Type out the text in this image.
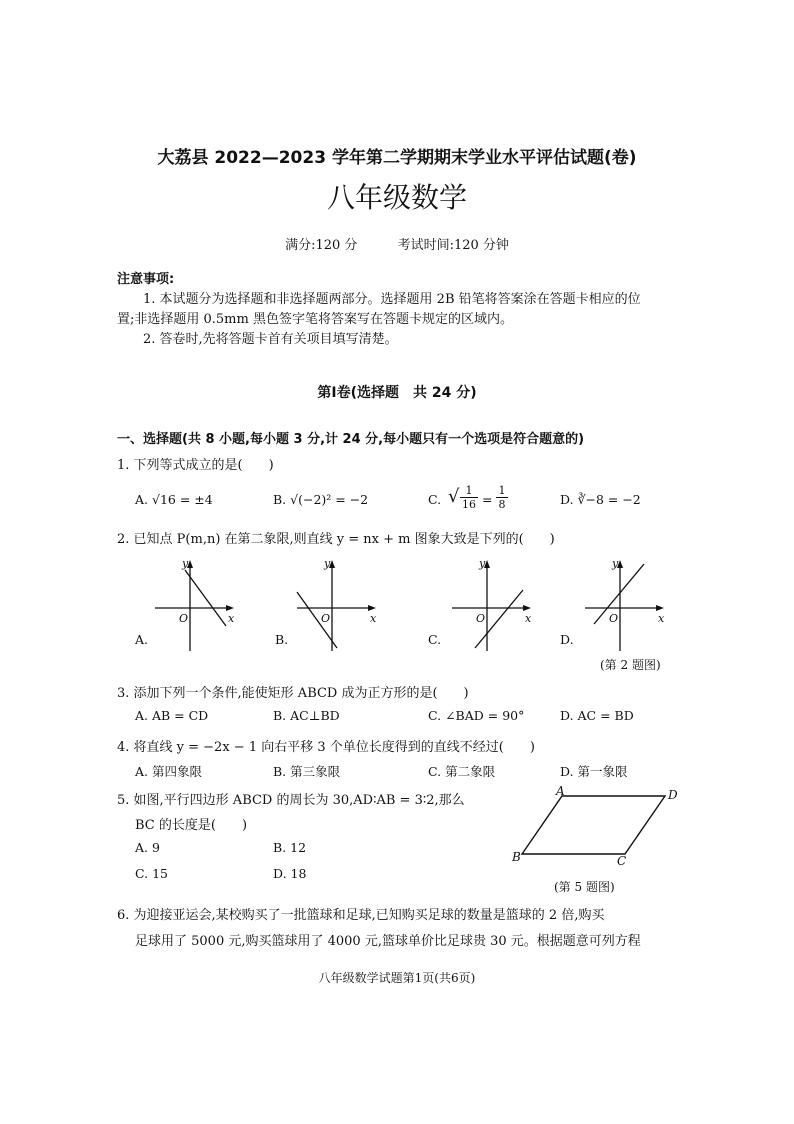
大荔县 2022—2023 学年第二学期期末学业水平评估试题(卷)
八年级数学
满分:120 分	考试时间:120 分钟
注意事项:
1. 本试题分为选择题和非选择题两部分。选择题用 2B 铅笔将答案涂在答题卡相应的位
置;非选择题用 0.5mm 黑色签字笔将答案写在答题卡规定的区域内。
2. 答卷时,先将答题卡首有关项目填写清楚。
第Ⅰ卷(选择题　共 24 分)
一、选择题(共 8 小题,每小题 3 分,计 24 分,每小题只有一个选项是符合题意的)
1. 下列等式成立的是(　　)
A. √16 = ±4	B. √(−2)² = −2	C. √ 1
16 =
1
8	D. ∛−8 = −2
2. 已知点 P(m,n) 在第二象限,则直线 y = nx + m 图象大致是下列的(　　)
y
x
O
A.
y
x
O
B.
y
x
O
C.
y
x
O
D.
(第 2 题图)
3. 添加下列一个条件,能使矩形 ABCD 成为正方形的是(　　)
A. AB = CD	B. AC⊥BD	C. ∠BAD = 90°	D. AC = BD
4. 将直线 y = −2x − 1 向右平移 3 个单位长度得到的直线不经过(　　)
A. 第四象限	B. 第三象限	C. 第二象限	D. 第一象限
5. 如图,平行四边形 ABCD 的周长为 30,AD∶AB = 3∶2,那么
BC 的长度是(　　)
A. 9	B. 12
C. 15	D. 18
A	D
B	C
(第 5 题图)
6. 为迎接亚运会,某校购买了一批篮球和足球,已知购买足球的数量是篮球的 2 倍,购买
足球用了 5000 元,购买篮球用了 4000 元,篮球单价比足球贵 30 元。根据题意可列方程
八年级数学试题第1页(共6页)
